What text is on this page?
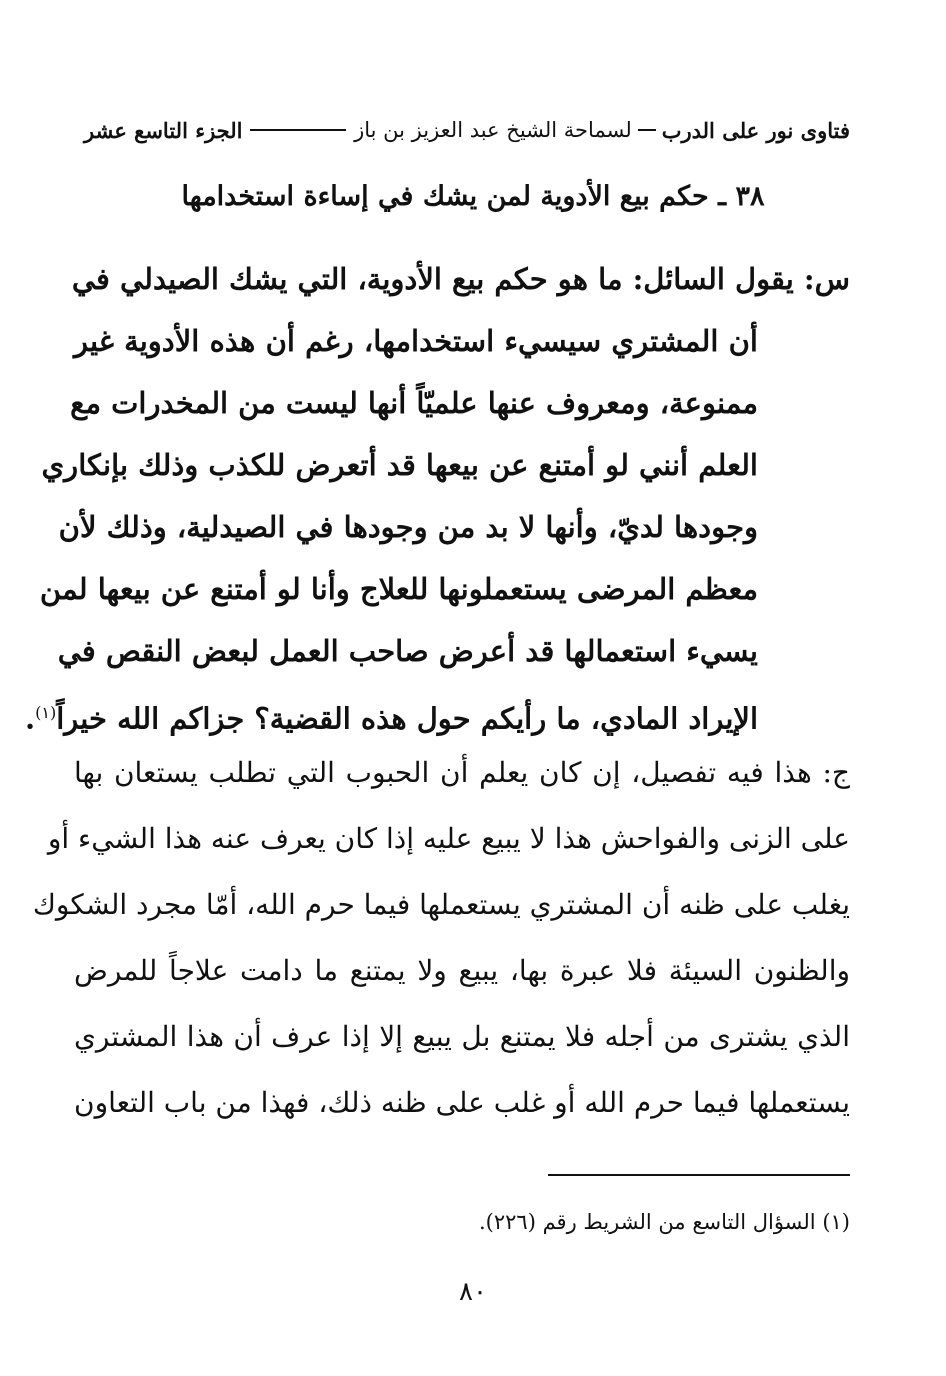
فتاوى نور على الدرب
لسماحة الشيخ عبد العزيز بن باز
الجزء التاسع عشر
٣٨ ـ حكم بيع الأدوية لمن يشك في إساءة استخدامها
س: يقول السائل: ما هو حكم بيع الأدوية، التي يشك الصيدلي في
أن المشتري سيسيء استخدامها، رغم أن هذه الأدوية غير
ممنوعة، ومعروف عنها علميّاً أنها ليست من المخدرات مع
العلم أنني لو أمتنع عن بيعها قد أتعرض للكذب وذلك بإنكاري
وجودها لديّ، وأنها لا بد من وجودها في الصيدلية، وذلك لأن
معظم المرضى يستعملونها للعلاج وأنا لو أمتنع عن بيعها لمن
يسيء استعمالها قد أعرض صاحب العمل لبعض النقص في
الإيراد المادي، ما رأيكم حول هذه القضية؟ جزاكم الله خيراً$^{(١)}$.
ج: هذا فيه تفصيل، إن كان يعلم أن الحبوب التي تطلب يستعان بها
على الزنى والفواحش هذا لا يبيع عليه إذا كان يعرف عنه هذا الشيء أو
يغلب على ظنه أن المشتري يستعملها فيما حرم الله، أمّا مجرد الشكوك
والظنون السيئة فلا عبرة بها، يبيع ولا يمتنع ما دامت علاجاً للمرض
الذي يشترى من أجله فلا يمتنع بل يبيع إلا إذا عرف أن هذا المشتري
يستعملها فيما حرم الله أو غلب على ظنه ذلك، فهذا من باب التعاون
(١) السؤال التاسع من الشريط رقم (٢٢٦).
٨٠
